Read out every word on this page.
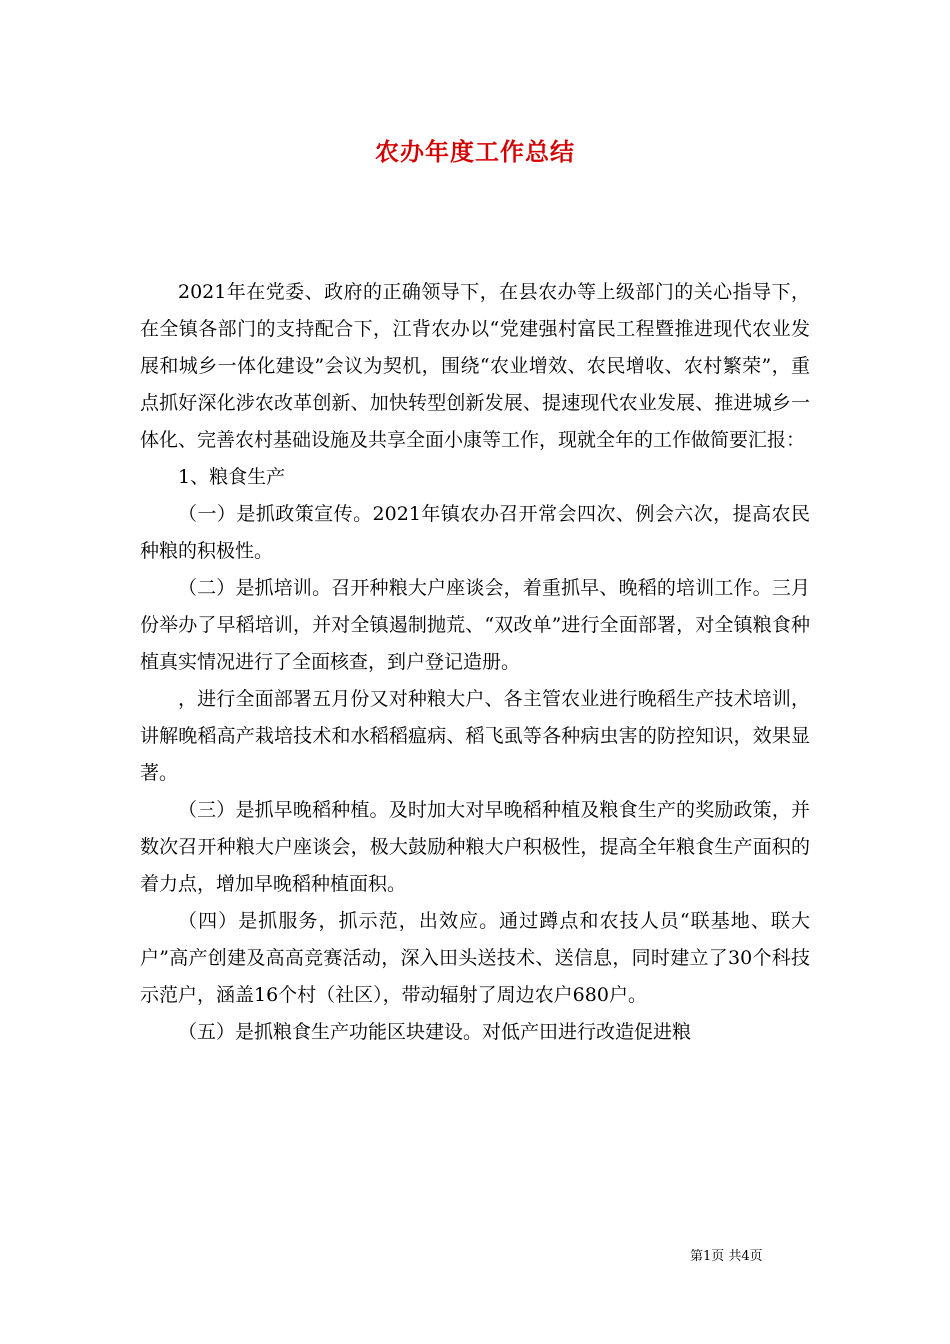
农办年度工作总结

2021年在党委、政府的正确领导下，在县农办等上级部门的关心指导下，在全镇各部门的支持配合下，江背农办以“党建强村富民工程暨推进现代农业发展和城乡一体化建设”会议为契机，围绕“农业增效、农民增收、农村繁荣”，重点抓好深化涉农改革创新、加快转型创新发展、提速现代农业发展、推进城乡一体化、完善农村基础设施及共享全面小康等工作，现就全年的工作做简要汇报：

1、粮食生产

（一）是抓政策宣传。2021年镇农办召开常会四次、例会六次，提高农民种粮的积极性。

（二）是抓培训。召开种粮大户座谈会，着重抓早、晚稻的培训工作。三月份举办了早稻培训，并对全镇遏制抛荒、“双改单”进行全面部署，对全镇粮食种植真实情况进行了全面核查，到户登记造册。

，进行全面部署五月份又对种粮大户、各主管农业进行晚稻生产技术培训，讲解晚稻高产栽培技术和水稻稻瘟病、稻飞虱等各种病虫害的防控知识，效果显著。

（三）是抓早晚稻种植。及时加大对早晚稻种植及粮食生产的奖励政策，并数次召开种粮大户座谈会，极大鼓励种粮大户积极性，提高全年粮食生产面积的着力点，增加早晚稻种植面积。

（四）是抓服务，抓示范，出效应。通过蹲点和农技人员“联基地、联大户”高产创建及高高竞赛活动，深入田头送技术、送信息，同时建立了30个科技示范户，涵盖16个村（社区），带动辐射了周边农户680户。

（五）是抓粮食生产功能区块建设。对低产田进行改造促进粮

第1页 共4页
